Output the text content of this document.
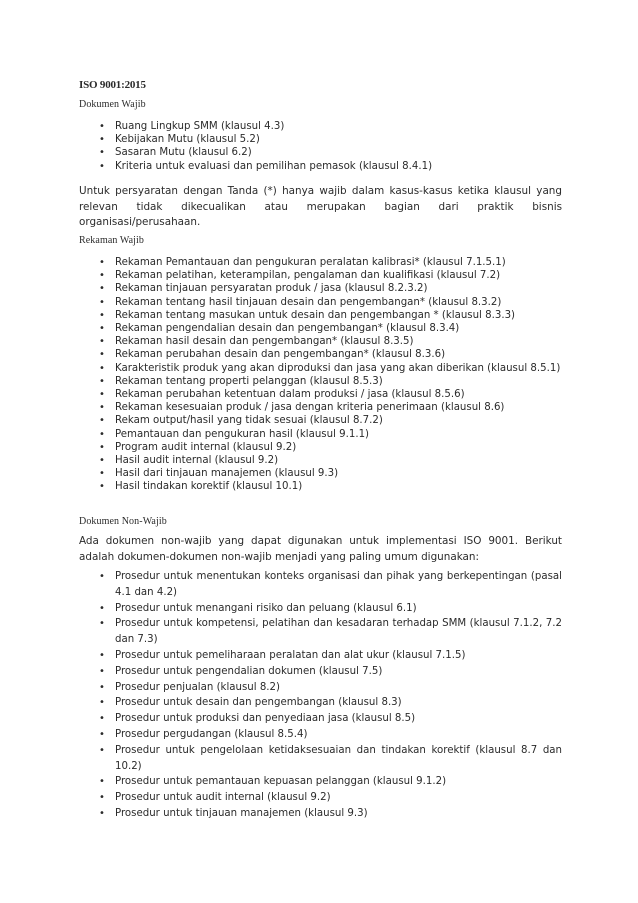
ISO 9001:2015
Dokumen Wajib
• Ruang Lingkup SMM (klausul 4.3)
• Kebijakan Mutu (klausul 5.2)
• Sasaran Mutu (klausul 6.2)
• Kriteria untuk evaluasi dan pemilihan pemasok (klausul 8.4.1)
Untuk persyaratan dengan Tanda (*) hanya wajib dalam kasus-kasus ketika klausul yang relevan tidak dikecualikan atau merupakan bagian dari praktik bisnis organisasi/perusahaan.
Rekaman Wajib
• Rekaman Pemantauan dan pengukuran peralatan kalibrasi* (klausul 7.1.5.1)
• Rekaman pelatihan, keterampilan, pengalaman dan kualifikasi (klausul 7.2)
• Rekaman tinjauan persyaratan produk / jasa (klausul 8.2.3.2)
• Rekaman tentang hasil tinjauan desain dan pengembangan* (klausul 8.3.2)
• Rekaman tentang masukan untuk desain dan pengembangan * (klausul 8.3.3)
• Rekaman pengendalian desain dan pengembangan* (klausul 8.3.4)
• Rekaman hasil desain dan pengembangan* (klausul 8.3.5)
• Rekaman perubahan desain dan pengembangan* (klausul 8.3.6)
• Karakteristik produk yang akan diproduksi dan jasa yang akan diberikan (klausul 8.5.1)
• Rekaman tentang properti pelanggan (klausul 8.5.3)
• Rekaman perubahan ketentuan dalam produksi / jasa (klausul 8.5.6)
• Rekaman kesesuaian produk / jasa dengan kriteria penerimaan (klausul 8.6)
• Rekam output/hasil yang tidak sesuai (klausul 8.7.2)
• Pemantauan dan pengukuran hasil (klausul 9.1.1)
• Program audit internal (klausul 9.2)
• Hasil audit internal (klausul 9.2)
• Hasil dari tinjauan manajemen (klausul 9.3)
• Hasil tindakan korektif (klausul 10.1)
Dokumen Non-Wajib
Ada dokumen non-wajib yang dapat digunakan untuk implementasi ISO 9001. Berikut adalah dokumen-dokumen non-wajib menjadi yang paling umum digunakan:
• Prosedur untuk menentukan konteks organisasi dan pihak yang berkepentingan (pasal 4.1 dan 4.2)
• Prosedur untuk menangani risiko dan peluang (klausul 6.1)
• Prosedur untuk kompetensi, pelatihan dan kesadaran terhadap SMM (klausul 7.1.2, 7.2 dan 7.3)
• Prosedur untuk pemeliharaan peralatan dan alat ukur (klausul 7.1.5)
• Prosedur untuk pengendalian dokumen (klausul 7.5)
• Prosedur penjualan (klausul 8.2)
• Prosedur untuk desain dan pengembangan (klausul 8.3)
• Prosedur untuk produksi dan penyediaan jasa (klausul 8.5)
• Prosedur pergudangan (klausul 8.5.4)
• Prosedur untuk pengelolaan ketidaksesuaian dan tindakan korektif (klausul 8.7 dan 10.2)
• Prosedur untuk pemantauan kepuasan pelanggan (klausul 9.1.2)
• Prosedur untuk audit internal (klausul 9.2)
• Prosedur untuk tinjauan manajemen (klausul 9.3)
